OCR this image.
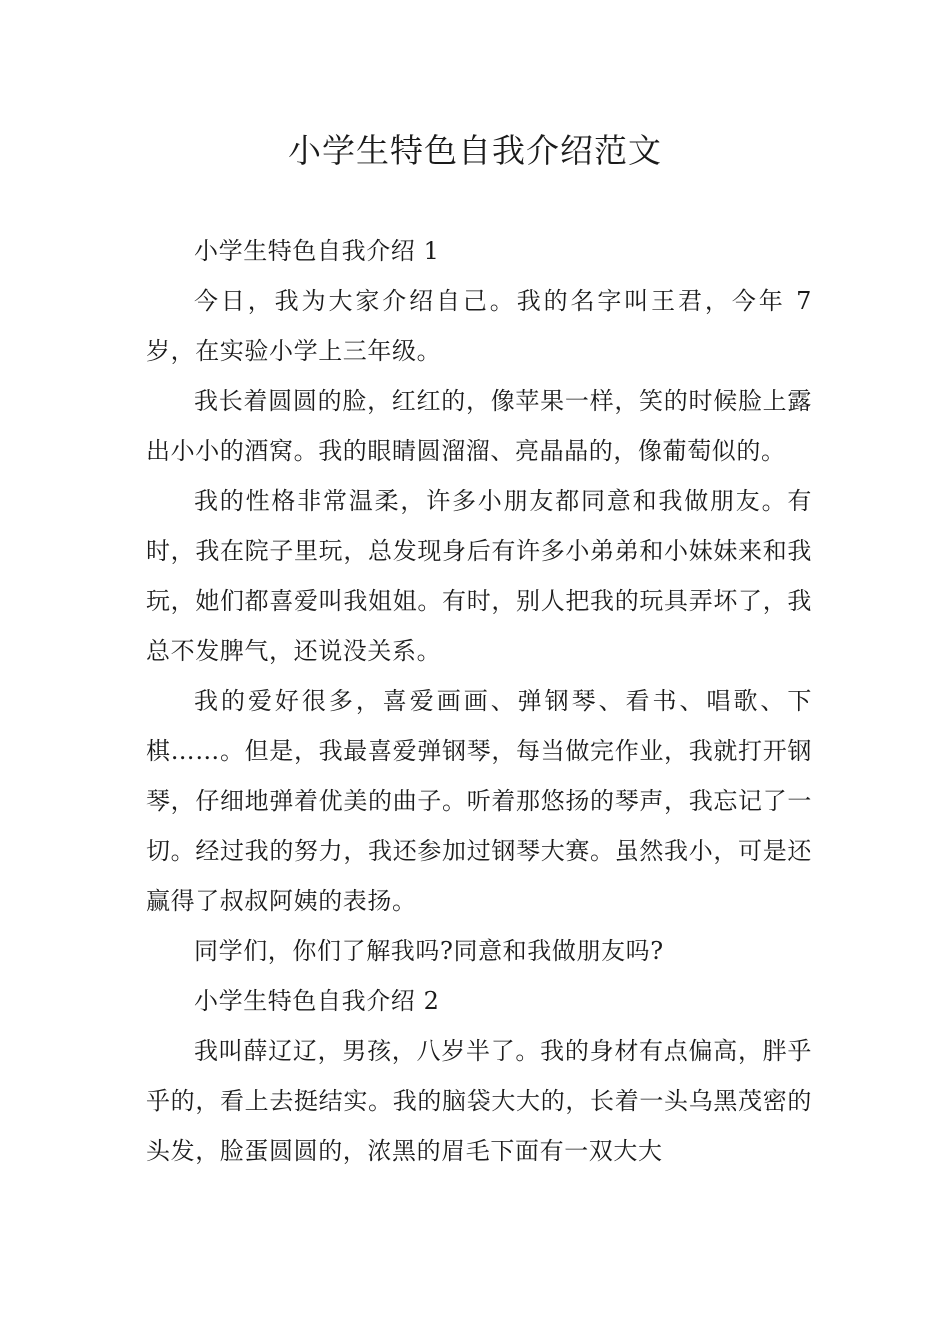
小学生特色自我介绍范文

小学生特色自我介绍 1

今日，我为大家介绍自己。我的名字叫王君，今年 7 岁，在实验小学上三年级。

我长着圆圆的脸，红红的，像苹果一样，笑的时候脸上露出小小的酒窝。我的眼睛圆溜溜、亮晶晶的，像葡萄似的。

我的性格非常温柔，许多小朋友都同意和我做朋友。有时，我在院子里玩，总发现身后有许多小弟弟和小妹妹来和我玩，她们都喜爱叫我姐姐。有时，别人把我的玩具弄坏了，我总不发脾气，还说没关系。

我的爱好很多，喜爱画画、弹钢琴、看书、唱歌、下棋……。但是，我最喜爱弹钢琴，每当做完作业，我就打开钢琴，仔细地弹着优美的曲子。听着那悠扬的琴声，我忘记了一切。经过我的努力，我还参加过钢琴大赛。虽然我小，可是还赢得了叔叔阿姨的表扬。

同学们，你们了解我吗?同意和我做朋友吗?

小学生特色自我介绍 2

我叫薛辽辽，男孩，八岁半了。我的身材有点偏高，胖乎乎的，看上去挺结实。我的脑袋大大的，长着一头乌黑茂密的头发，脸蛋圆圆的，浓黑的眉毛下面有一双大大
